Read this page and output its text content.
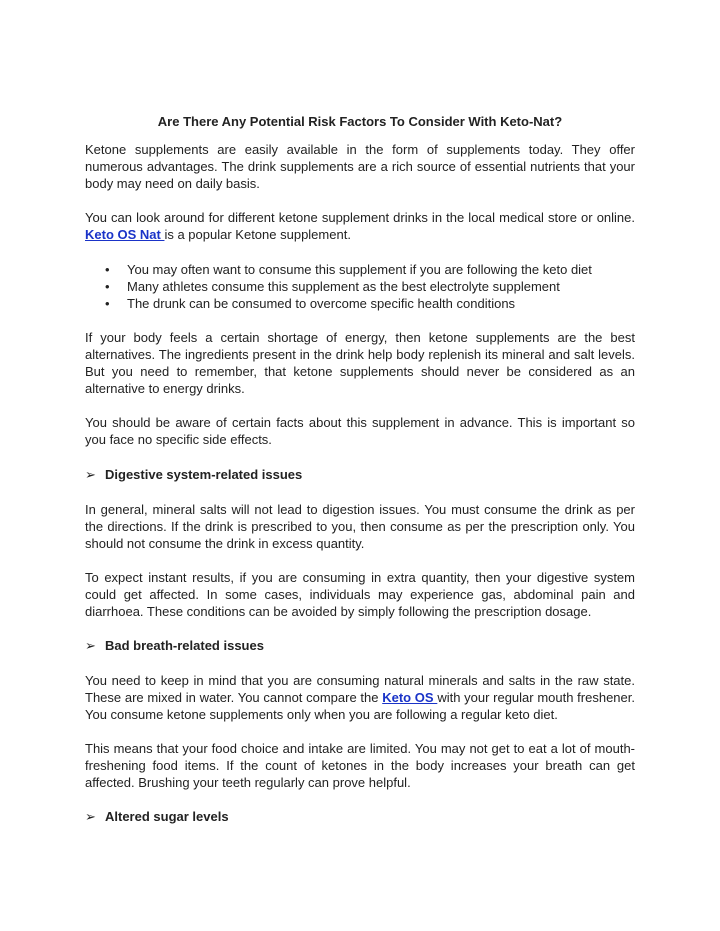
Are There Any Potential Risk Factors To Consider With Keto-Nat?
Ketone supplements are easily available in the form of supplements today. They offer numerous advantages. The drink supplements are a rich source of essential nutrients that your body may need on daily basis.
You can look around for different ketone supplement drinks in the local medical store or online. Keto OS Nat is a popular Ketone supplement.
• You may often want to consume this supplement if you are following the keto diet
• Many athletes consume this supplement as the best electrolyte supplement
• The drunk can be consumed to overcome specific health conditions
If your body feels a certain shortage of energy, then ketone supplements are the best alternatives. The ingredients present in the drink help body replenish its mineral and salt levels. But you need to remember, that ketone supplements should never be considered as an alternative to energy drinks.
You should be aware of certain facts about this supplement in advance. This is important so you face no specific side effects.
➢ Digestive system-related issues
In general, mineral salts will not lead to digestion issues. You must consume the drink as per the directions. If the drink is prescribed to you, then consume as per the prescription only. You should not consume the drink in excess quantity.
To expect instant results, if you are consuming in extra quantity, then your digestive system could get affected. In some cases, individuals may experience gas, abdominal pain and diarrhoea. These conditions can be avoided by simply following the prescription dosage.
➢ Bad breath-related issues
You need to keep in mind that you are consuming natural minerals and salts in the raw state. These are mixed in water. You cannot compare the Keto OS with your regular mouth freshener. You consume ketone supplements only when you are following a regular keto diet.
This means that your food choice and intake are limited. You may not get to eat a lot of mouth-freshening food items. If the count of ketones in the body increases your breath can get affected. Brushing your teeth regularly can prove helpful.
➢ Altered sugar levels
